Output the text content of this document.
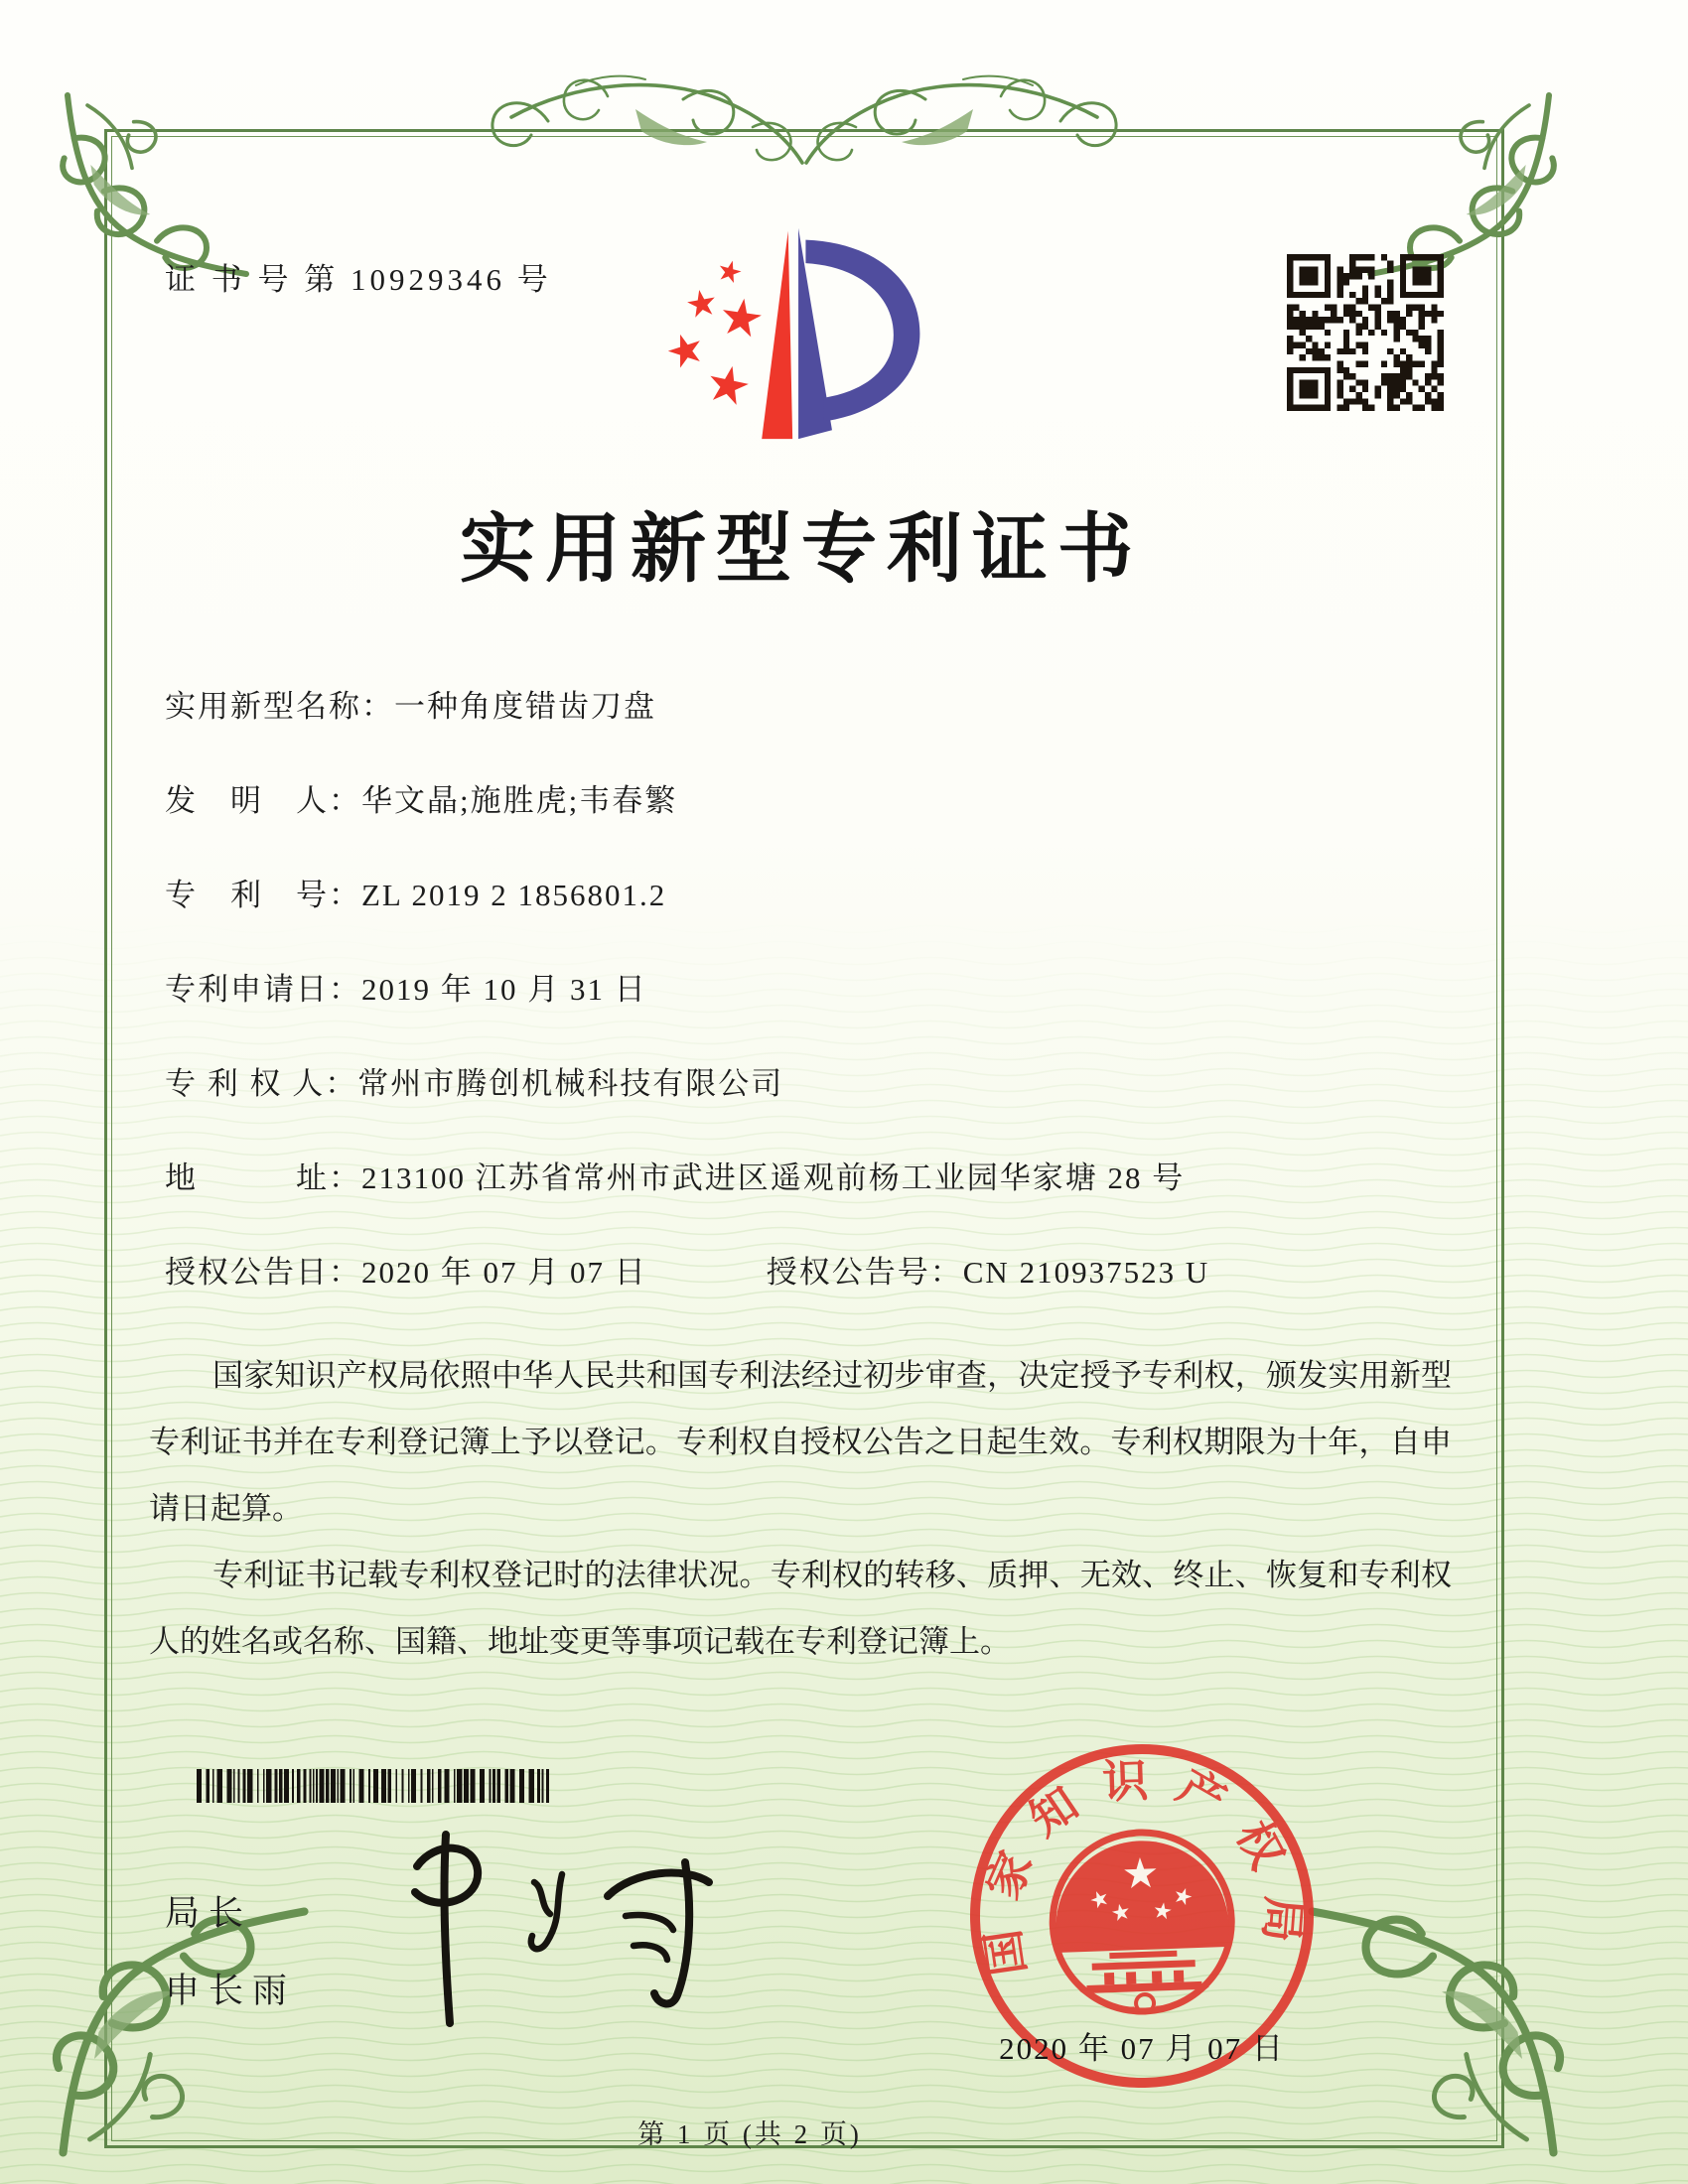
证 书 号 第 10929346 号
实用新型专利证书
实用新型名称：一种角度错齿刀盘
发　明　人：华文晶;施胜虎;韦春繁
专　利　号：ZL 2019 2 1856801.2
专利申请日：2019 年 10 月 31 日
专 利 权 人：常州市腾创机械科技有限公司
地　　　址：213100 江苏省常州市武进区遥观前杨工业园华家塘 28 号
授权公告日：2020 年 07 月 07 日	授权公告号：CN 210937523 U

国家知识产权局依照中华人民共和国专利法经过初步审查，决定授予专利权，颁发实用新型专利证书并在专利登记簿上予以登记。专利权自授权公告之日起生效。专利权期限为十年，自申请日起算。

专利证书记载专利权登记时的法律状况。专利权的转移、质押、无效、终止、恢复和专利权人的姓名或名称、国籍、地址变更等事项记载在专利登记簿上。

局长
申长雨
国家知识产权局
2020 年 07 月 07 日
第 1 页 (共 2 页)
